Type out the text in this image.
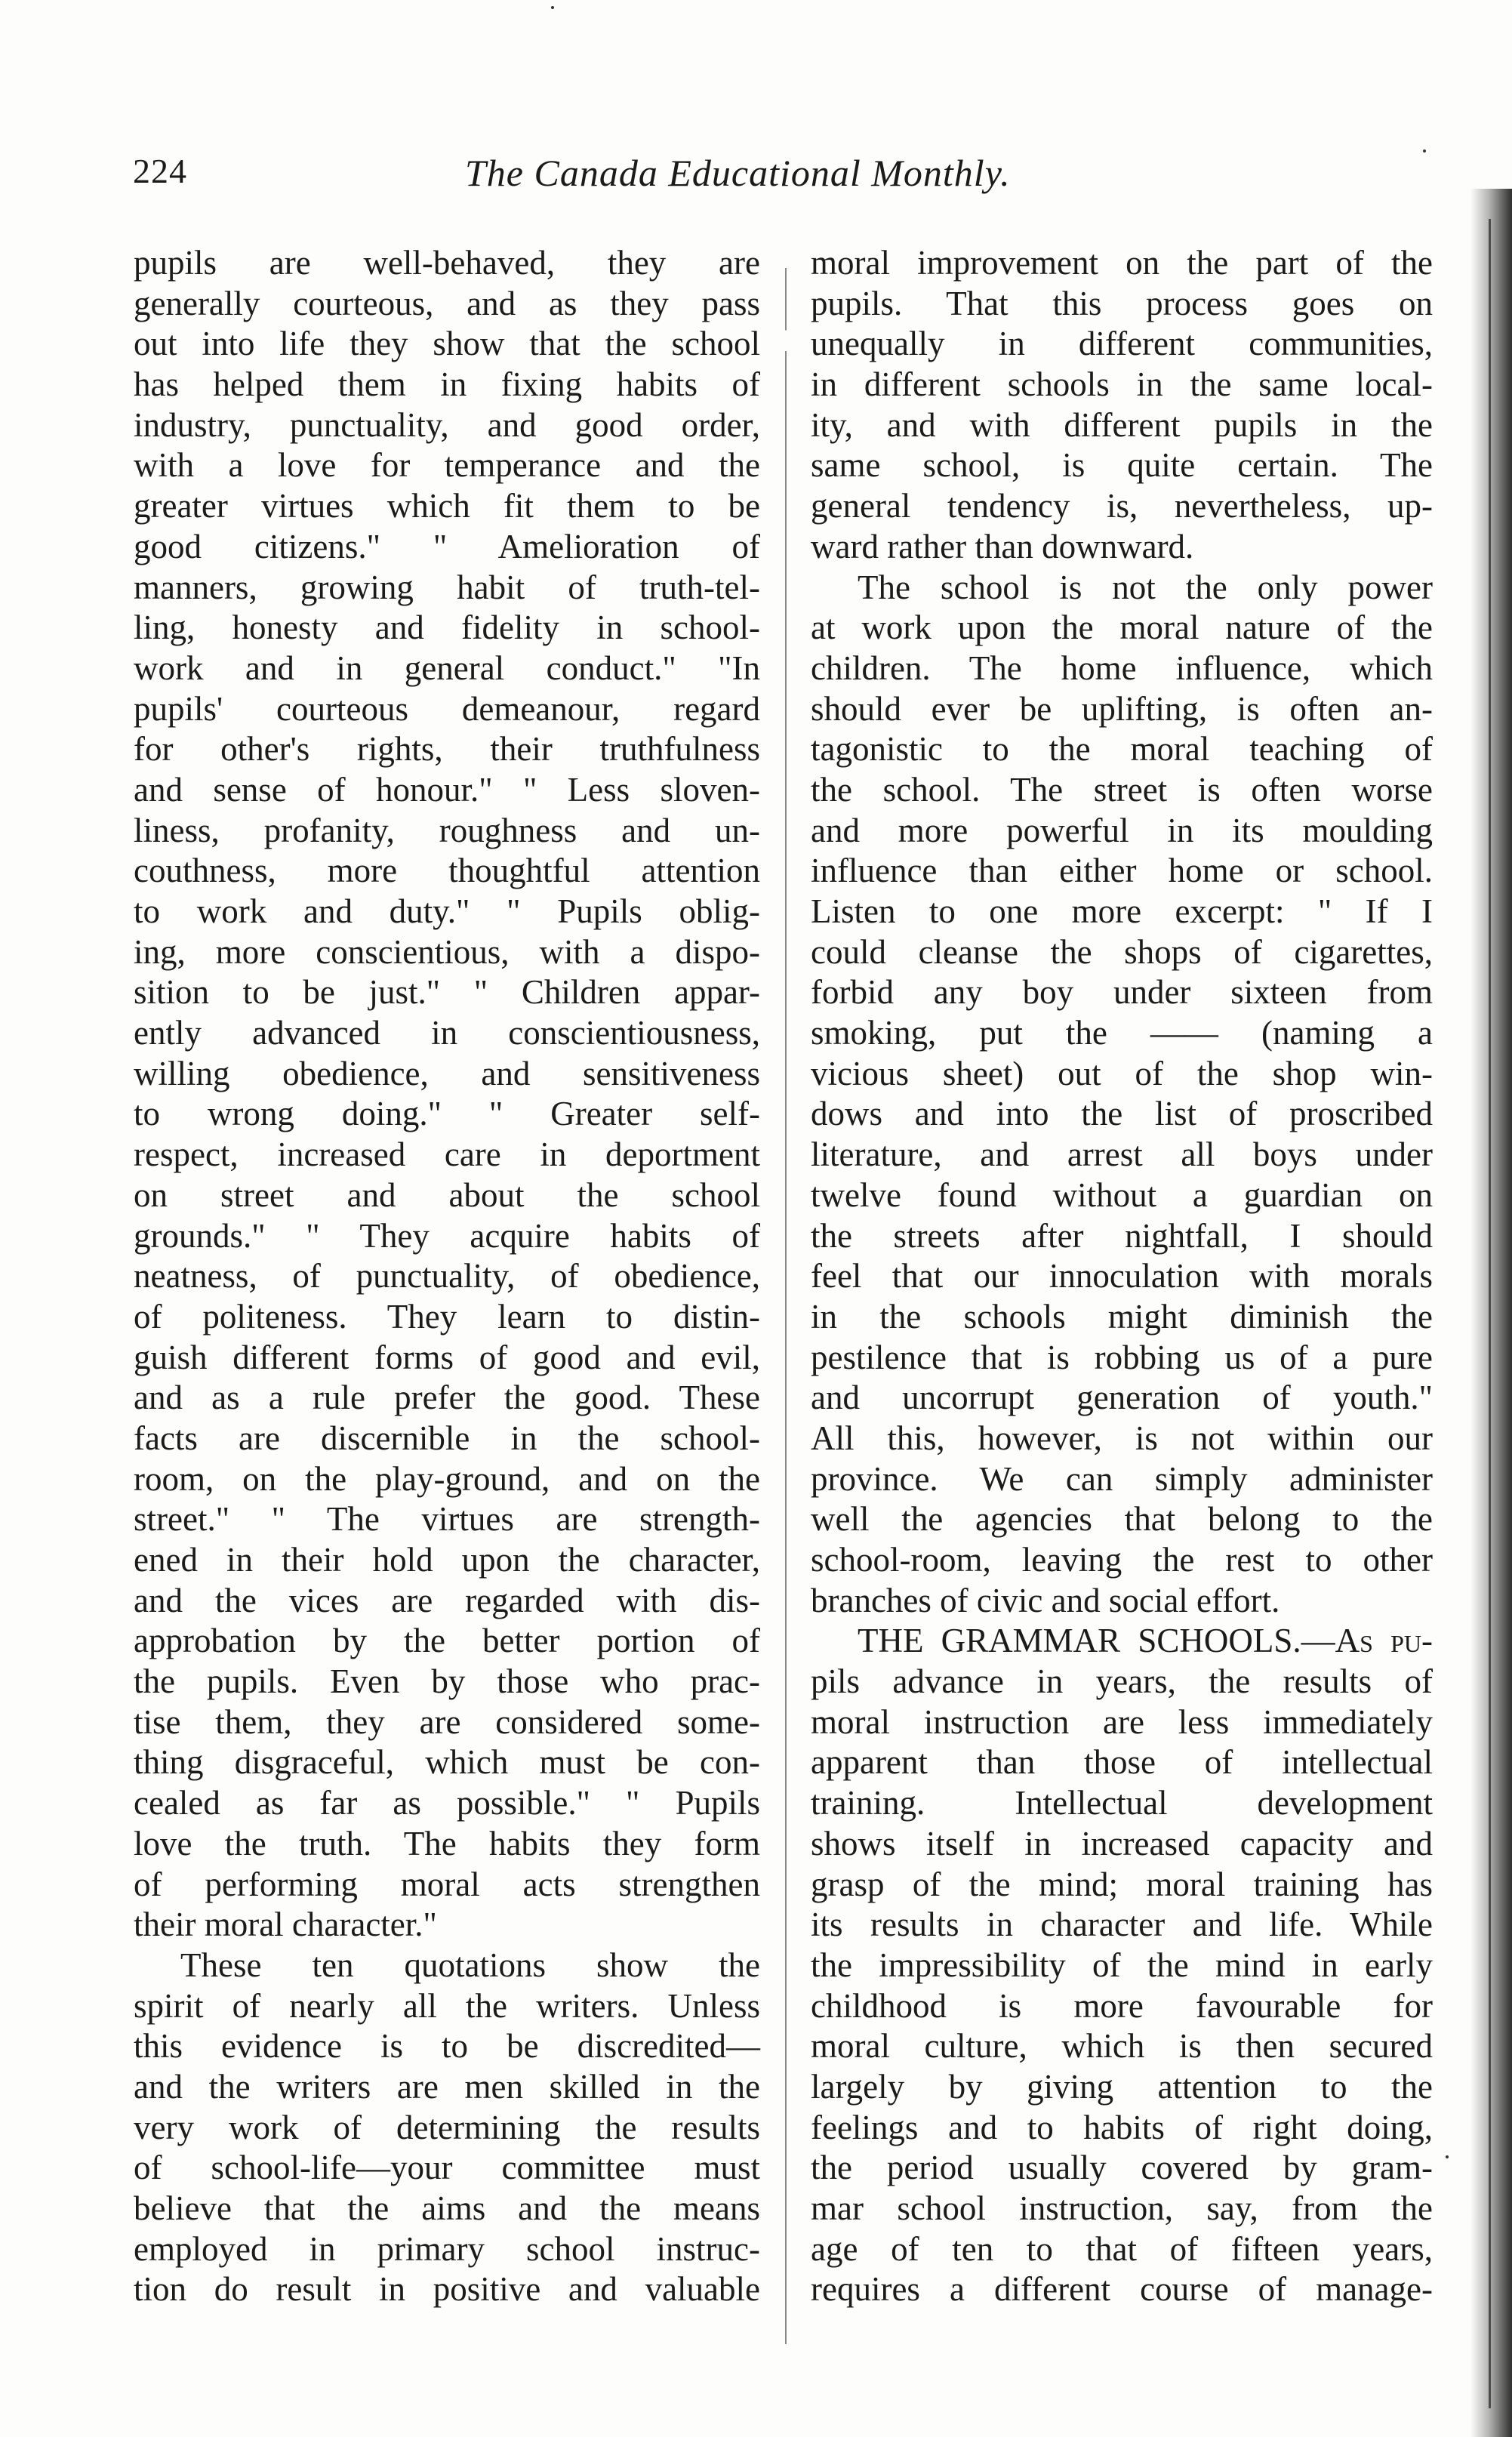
224	The Canada Educational Monthly.
pupils are well-behaved, they are
generally courteous, and as they pass
out into life they show that the school
has helped them in fixing habits of
industry, punctuality, and good order,
with a love for temperance and the
greater virtues which fit them to be
good citizens." " Amelioration of
manners, growing habit of truth-tel-
ling, honesty and fidelity in school-
work and in general conduct." "In
pupils' courteous demeanour, regard
for other's rights, their truthfulness
and sense of honour." " Less sloven-
liness, profanity, roughness and un-
couthness, more thoughtful attention
to work and duty." " Pupils oblig-
ing, more conscientious, with a dispo-
sition to be just." " Children appar-
ently advanced in conscientiousness,
willing obedience, and sensitiveness
to wrong doing." " Greater self-
respect, increased care in deportment
on street and about the school
grounds." " They acquire habits of
neatness, of punctuality, of obedience,
of politeness. They learn to distin-
guish different forms of good and evil,
and as a rule prefer the good. These
facts are discernible in the school-
room, on the play-ground, and on the
street." " The virtues are strength-
ened in their hold upon the character,
and the vices are regarded with dis-
approbation by the better portion of
the pupils. Even by those who prac-
tise them, they are considered some-
thing disgraceful, which must be con-
cealed as far as possible." " Pupils
love the truth. The habits they form
of performing moral acts strengthen
their moral character."
These ten quotations show the
spirit of nearly all the writers. Unless
this evidence is to be discredited—
and the writers are men skilled in the
very work of determining the results
of school-life—your committee must
believe that the aims and the means
employed in primary school instruc-
tion do result in positive and valuable
moral improvement on the part of the
pupils. That this process goes on
unequally in different communities,
in different schools in the same local-
ity, and with different pupils in the
same school, is quite certain. The
general tendency is, nevertheless, up-
ward rather than downward.
The school is not the only power
at work upon the moral nature of the
children. The home influence, which
should ever be uplifting, is often an-
tagonistic to the moral teaching of
the school. The street is often worse
and more powerful in its moulding
influence than either home or school.
Listen to one more excerpt: " If I
could cleanse the shops of cigarettes,
forbid any boy under sixteen from
smoking, put the —— (naming a
vicious sheet) out of the shop win-
dows and into the list of proscribed
literature, and arrest all boys under
twelve found without a guardian on
the streets after nightfall, I should
feel that our innoculation with morals
in the schools might diminish the
pestilence that is robbing us of a pure
and uncorrupt generation of youth."
All this, however, is not within our
province. We can simply administer
well the agencies that belong to the
school-room, leaving the rest to other
branches of civic and social effort.
THE GRAMMAR SCHOOLS.—As pu-
pils advance in years, the results of
moral instruction are less immediately
apparent than those of intellectual
training. Intellectual development
shows itself in increased capacity and
grasp of the mind; moral training has
its results in character and life. While
the impressibility of the mind in early
childhood is more favourable for
moral culture, which is then secured
largely by giving attention to the
feelings and to habits of right doing,
the period usually covered by gram-
mar school instruction, say, from the
age of ten to that of fifteen years,
requires a different course of manage-
